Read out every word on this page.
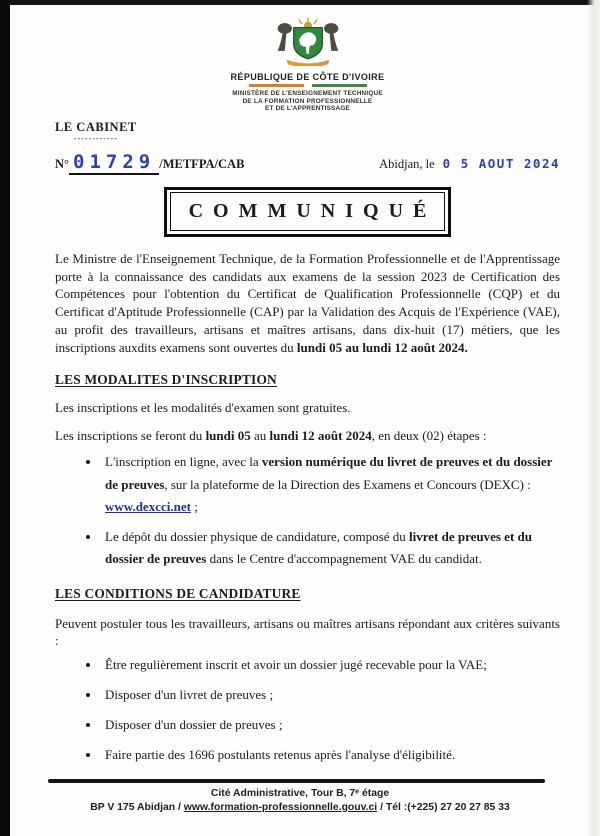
RÉPUBLIQUE DE CÔTE D'IVOIRE
MINISTÈRE DE L'ENSEIGNEMENT TECHNIQUE
DE LA FORMATION PROFESSIONNELLE
ET DE L'APPRENTISSAGE
LE CABINET
------------
N° 01729 /METFPA/CAB	Abidjan, le 0 5 AOUT 2024
COMMUNIQUÉ

Le Ministre de l'Enseignement Technique, de la Formation Professionnelle et de l'Apprentissage porte à la connaissance des candidats aux examens de la session 2023 de Certification des Compétences pour l'obtention du Certificat de Qualification Professionnelle (CQP) et du Certificat d'Aptitude Professionnelle (CAP) par la Validation des Acquis de l'Expérience (VAE), au profit des travailleurs, artisans et maîtres artisans, dans dix-huit (17) métiers, que les inscriptions auxdits examens sont ouvertes du lundi 05 au lundi 12 août 2024.

LES MODALITES D'INSCRIPTION

Les inscriptions et les modalités d'examen sont gratuites.

Les inscriptions se feront du lundi 05 au lundi 12 août 2024, en deux (02) étapes :

• L'inscription en ligne, avec la version numérique du livret de preuves et du dossier de preuves, sur la plateforme de la Direction des Examens et Concours (DEXC) : www.dexcci.net ;
• Le dépôt du dossier physique de candidature, composé du livret de preuves et du dossier de preuves dans le Centre d'accompagnement VAE du candidat.
LES CONDITIONS DE CANDIDATURE

Peuvent postuler tous les travailleurs, artisans ou maîtres artisans répondant aux critères suivants :

• Être regulièrement inscrit et avoir un dossier jugé recevable pour la VAE;
• Disposer d'un livret de preuves ;
• Disposer d'un dossier de preuves ;
• Faire partie des 1696 postulants retenus après l'analyse d'éligibilité.
Cité Administrative, Tour B, 7ᵉ étage
BP V 175 Abidjan / www.formation-professionnelle.gouv.ci / Tél :(+225) 27 20 27 85 33
